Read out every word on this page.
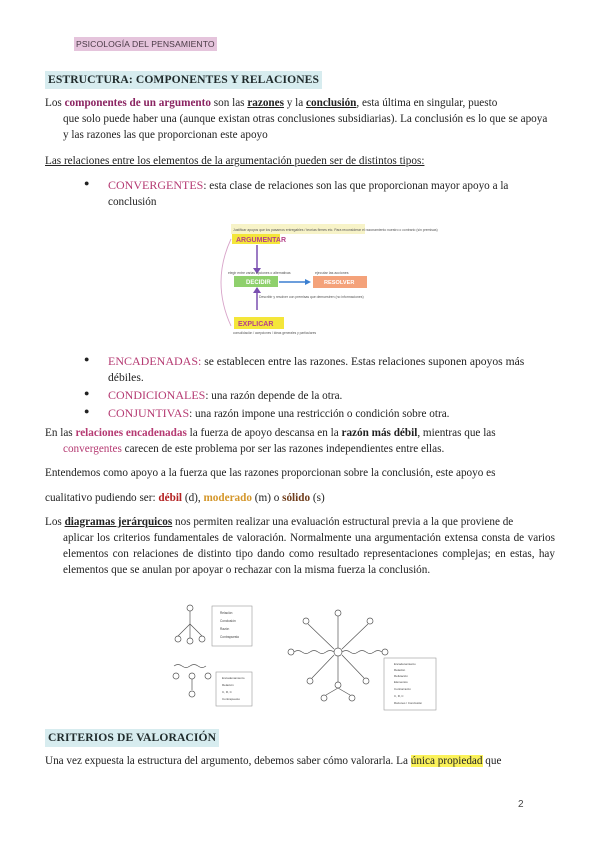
PSICOLOGÍA DEL PENSAMIENTO
ESTRUCTURA: COMPONENTES Y RELACIONES
Los componentes de un argumento son las razones y la conclusión, esta última en singular, puesto
que solo puede haber una (aunque existan otras conclusiones subsidiarias). La conclusión es lo que se apoya y las razones las que proporcionan este apoyo
Las relaciones entre los elementos de la argumentación pueden ser de distintos tipos:
● CONVERGENTES: esta clase de relaciones son las que proporcionan mayor apoyo a la conclusión
Justificar apoyos que los pasamos entregables / teorías firmes etc. Para reconsiderar el razonamiento nuestro o contrario (sin premisas)
ARGUMENTAR
elegir entre varias opciones o alternativas
DECIDIR
ejecutar las acciones
RESOLVER
Describir y resolver con premisas que demuestren (no informaciones)
EXPLICAR
consolidación / acepciones / ideas generales y particulares
● ENCADENADAS: se establecen entre las razones. Estas relaciones suponen apoyos más débiles.
● CONDICIONALES: una razón depende de la otra.
● CONJUNTIVAS: una razón impone una restricción o condición sobre otra.
En las relaciones encadenadas la fuerza de apoyo descansa en la razón más débil, mientras que las
convergentes carecen de este problema por ser las razones independientes entre ellas.
Entendemos como apoyo a la fuerza que las razones proporcionan sobre la conclusión, este apoyo es
cualitativo pudiendo ser: débil (d), moderado (m) o sólido (s)
Los diagramas jerárquicos nos permiten realizar una evaluación estructural previa a la que proviene de
aplicar los criterios fundamentales de valoración. Normalmente una argumentación extensa consta de varios elementos con relaciones de distinto tipo dando como resultado representaciones complejas; en estas, hay elementos que se anulan por apoyar o rechazar con la misma fuerza la conclusión.
Relación
Conclusión
Razón
Contrapuesto
Encadenamiento
Relación
C, R, C
Contrapuesto
Encadenamiento
Relación
Refutación
Elementos
Contrarrazón
C, R, C
Razones / Conclusión
CRITERIOS DE VALORACIÓN
Una vez expuesta la estructura del argumento, debemos saber cómo valorarla. La única propiedad que
2
